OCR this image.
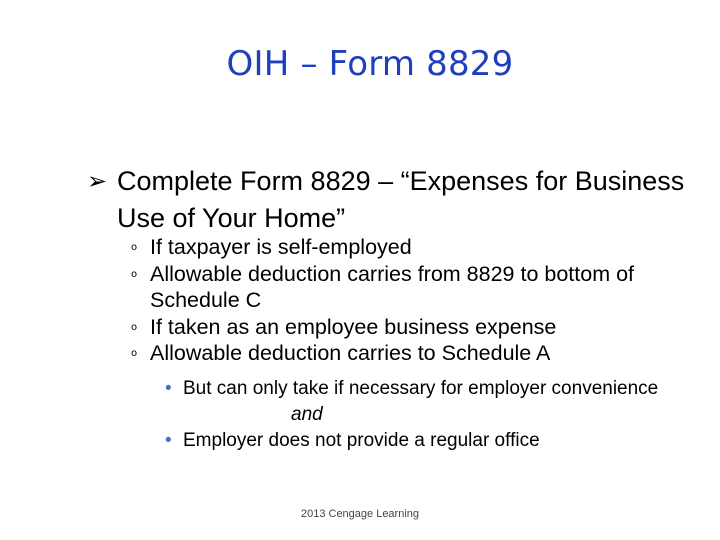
OIH – Form 8829
➢ Complete Form 8829 – “Expenses for Business Use of Your Home”
o If taxpayer is self-employed
o Allowable deduction carries from 8829 to bottom of Schedule C
o If taken as an employee business expense
o Allowable deduction carries to Schedule A
• But can only take if necessary for employer convenience
and
• Employer does not provide a regular office
2013 Cengage Learning
